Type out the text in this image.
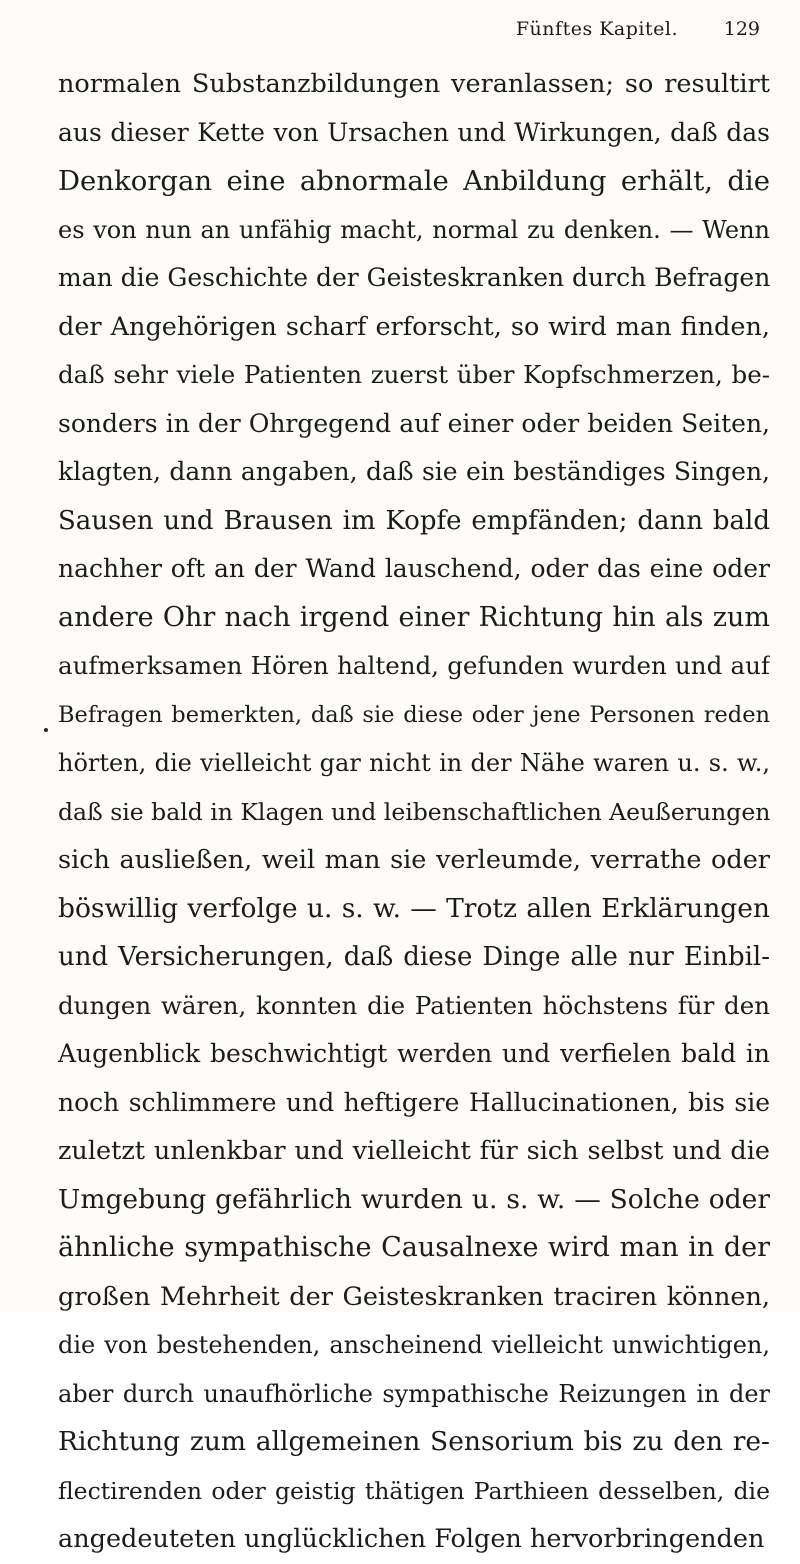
Fünftes Kapitel. 129
normalen Substanzbildungen veranlassen; so resultirt
aus dieser Kette von Ursachen und Wirkungen, daß das
Denkorgan eine abnormale Anbildung erhält, die
es von nun an unfähig macht, normal zu denken. — Wenn
man die Geschichte der Geisteskranken durch Befragen
der Angehörigen scharf erforscht, so wird man finden,
daß sehr viele Patienten zuerst über Kopfschmerzen, be-
sonders in der Ohrgegend auf einer oder beiden Seiten,
klagten, dann angaben, daß sie ein beständiges Singen,
Sausen und Brausen im Kopfe empfänden; dann bald
nachher oft an der Wand lauschend, oder das eine oder
andere Ohr nach irgend einer Richtung hin als zum
aufmerksamen Hören haltend, gefunden wurden und auf
Befragen bemerkten, daß sie diese oder jene Personen reden
hörten, die vielleicht gar nicht in der Nähe waren u. s. w.,
daß sie bald in Klagen und leibenschaftlichen Aeußerungen
sich ausließen, weil man sie verleumde, verrathe oder
böswillig verfolge u. s. w. — Trotz allen Erklärungen
und Versicherungen, daß diese Dinge alle nur Einbil-
dungen wären, konnten die Patienten höchstens für den
Augenblick beschwichtigt werden und verfielen bald in
noch schlimmere und heftigere Hallucinationen, bis sie
zuletzt unlenkbar und vielleicht für sich selbst und die
Umgebung gefährlich wurden u. s. w. — Solche oder
ähnliche sympathische Causalnexe wird man in der
großen Mehrheit der Geisteskranken traciren können,
die von bestehenden, anscheinend vielleicht unwichtigen,
aber durch unaufhörliche sympathische Reizungen in der
Richtung zum allgemeinen Sensorium bis zu den re-
flectirenden oder geistig thätigen Parthieen desselben, die
angedeuteten unglücklichen Folgen hervorbringenden
